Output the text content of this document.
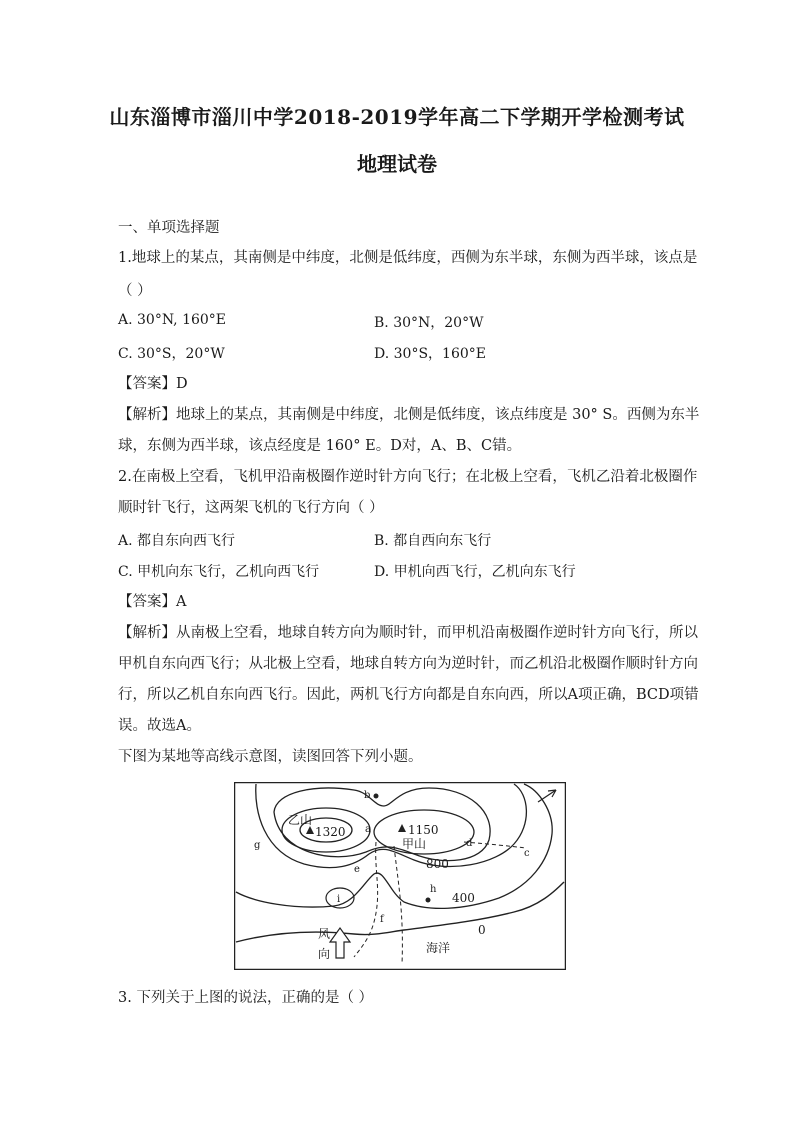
山东淄博市淄川中学2018-2019学年高二下学期开学检测考试
地理试卷
一、单项选择题
1.地球上的某点，其南侧是中纬度，北侧是低纬度，西侧为东半球，东侧为西半球，该点是
（ ）
A. 30°N, 160°E	B. 30°N，20°W
C. 30°S，20°W	D. 30°S，160°E
【答案】D
【解析】地球上的某点，其南侧是中纬度，北侧是低纬度，该点纬度是 30° S。西侧为东半
球，东侧为西半球，该点经度是 160° E。D对，A、B、C错。
2.在南极上空看，飞机甲沿南极圈作逆时针方向飞行；在北极上空看，飞机乙沿着北极圈作
顺时针飞行，这两架飞机的飞行方向（ ）
A. 都自东向西飞行	B. 都自西向东飞行
C. 甲机向东飞行，乙机向西飞行	D. 甲机向西飞行，乙机向东飞行
【答案】A
【解析】从南极上空看，地球自转方向为顺时针，而甲机沿南极圈作逆时针方向飞行，所以
甲机自东向西飞行；从北极上空看，地球自转方向为逆时针，而乙机沿北极圈作顺时针方向
行，所以乙机自东向西飞行。因此，两机飞行方向都是自东向西，所以A项正确，BCD项错
误。故选A。
下图为某地等高线示意图，读图回答下列小题。
乙山
1320	1150
甲山
800
400
0
海洋
风
向
a
b
c
d
e
f
g
h
i
3. 下列关于上图的说法，正确的是（ ）
